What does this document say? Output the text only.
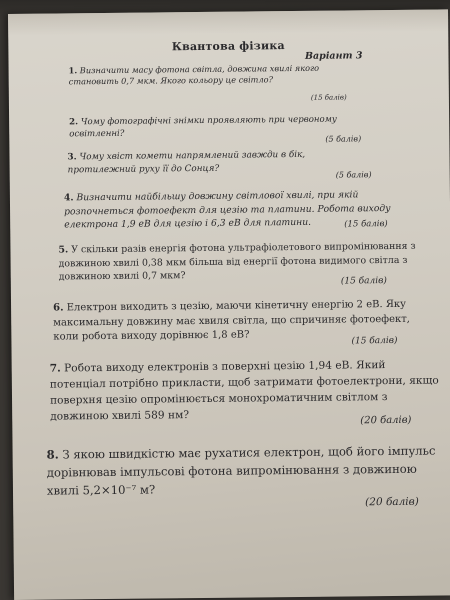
Квантова фізика
Варіант 3

1. Визначити масу фотона світла, довжина хвилі якого становить 0,7 мкм. Якого кольору це світло?

(15 балів)

2. Чому фотографічні знімки проявляють при червоному освітленні?	(5 балів)

3. Чому хвіст комети напрямлений завжди в бік, протилежний руху її до Сонця?	(5 балів)

4. Визначити найбільшу довжину світлової хвилі, при якій розпочнеться фотоефект для цезію та платини. Робота виходу електрона 1,9 еВ для цезію і 6,3 еВ для платини.	(15 балів)

5. У скільки разів енергія фотона ультрафіолетового випромінювання з довжиною хвилі 0,38 мкм більша від енергії фотона видимого світла з довжиною хвилі 0,7 мкм?	(15 балів)

6. Електрон виходить з цезію, маючи кінетичну енергію 2 еВ. Яку максимальну довжину має хвиля світла, що спричиняє фотоефект, коли робота виходу дорівнює 1,8 еВ?	(15 балів)

7. Робота виходу електронів з поверхні цезію 1,94 еВ. Який потенціал потрібно прикласти, щоб затримати фотоелектрони, якщо поверхня цезію опромінюється монохроматичним світлом з довжиною хвилі 589 нм?	(20 балів)

8. З якою швидкістю має рухатися електрон, щоб його імпульс дорівнював імпульсові фотона випромінювання з довжиною хвилі 5,2×10⁻⁷ м?

(20 балів)
